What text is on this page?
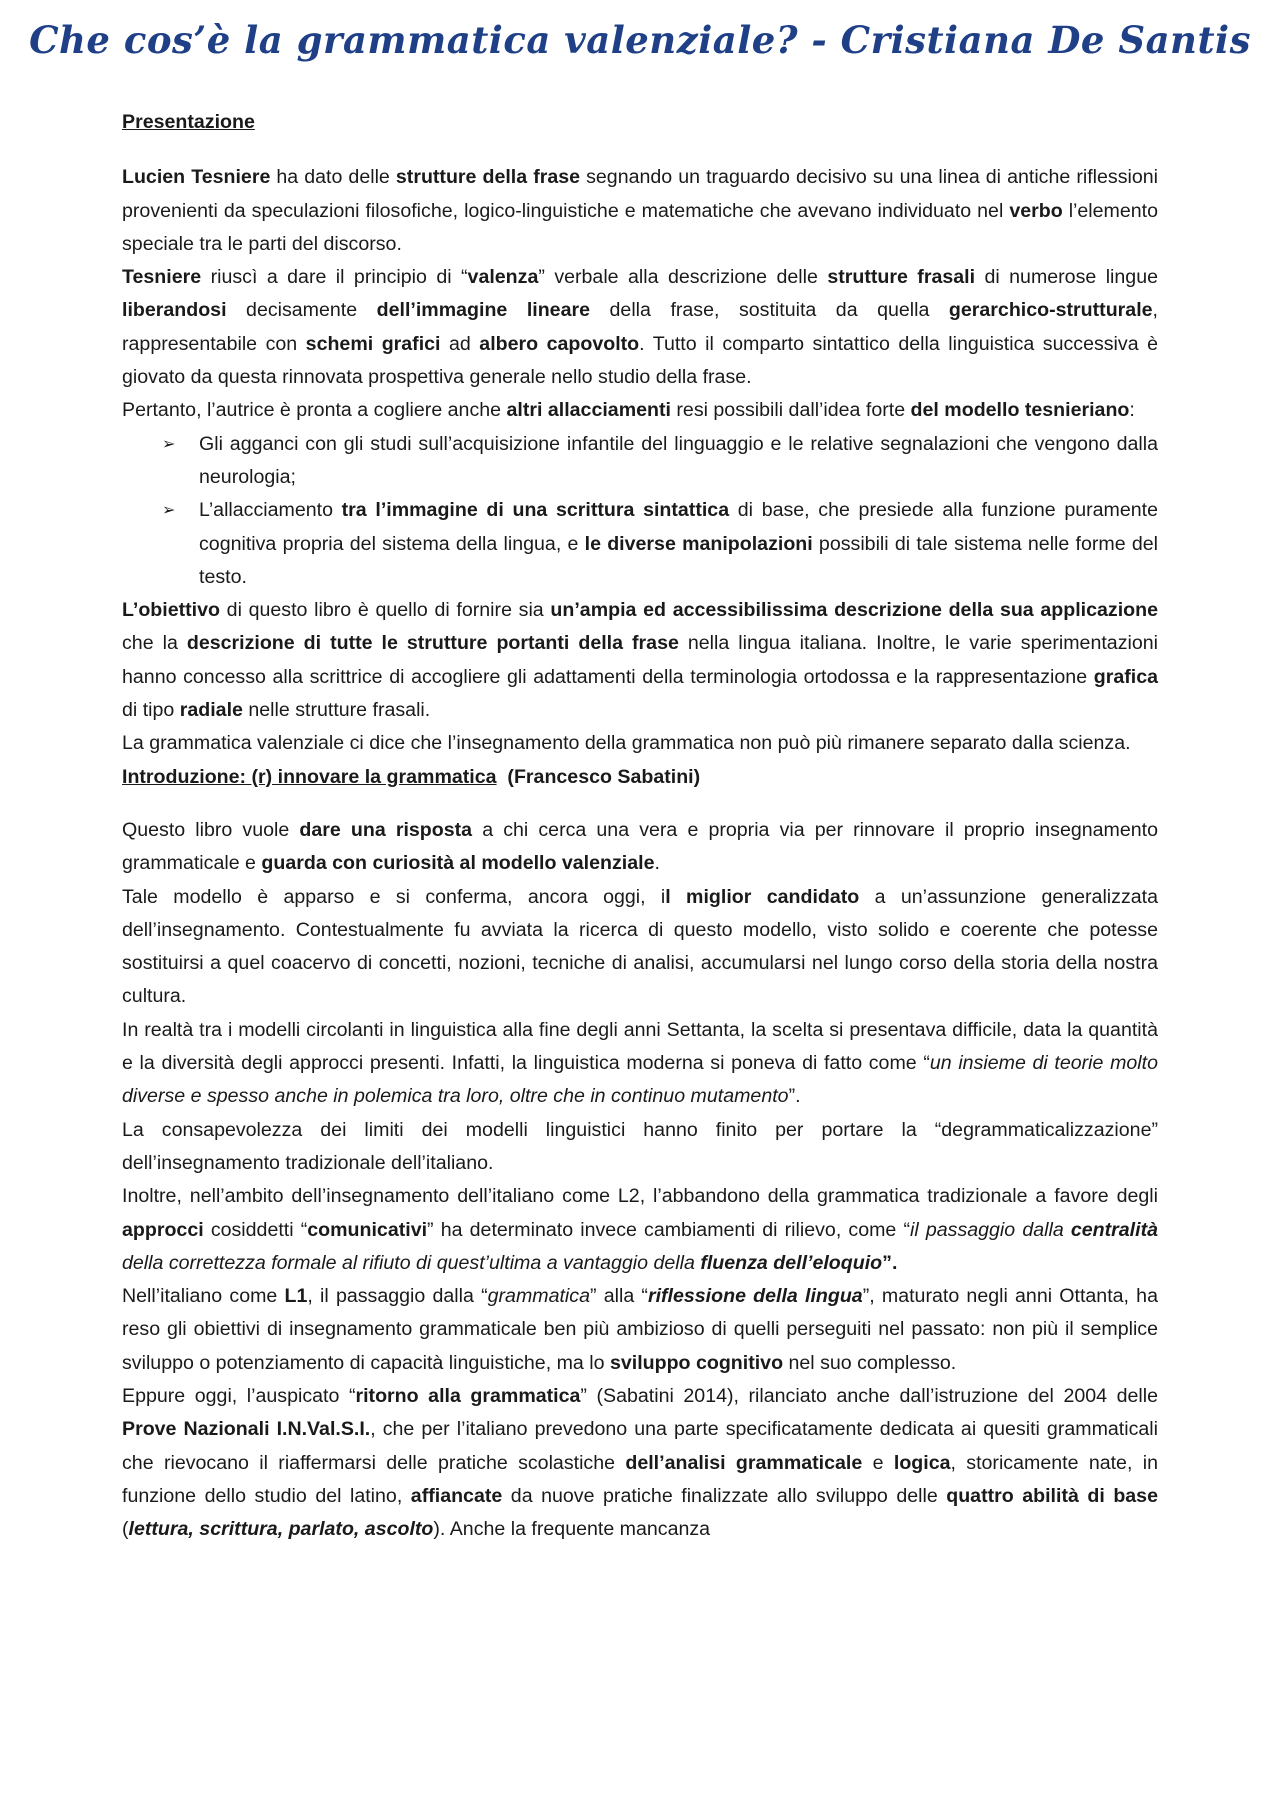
Che cos’è la grammatica valenziale? - Cristiana De Santis

Presentazione

Lucien Tesniere ha dato delle strutture della frase segnando un traguardo decisivo su una linea di antiche riflessioni provenienti da speculazioni filosofiche, logico-linguistiche e matematiche che avevano individuato nel verbo l’elemento speciale tra le parti del discorso.

Tesniere riuscì a dare il principio di “valenza” verbale alla descrizione delle strutture frasali di numerose lingue liberandosi decisamente dell’immagine lineare della frase, sostituita da quella gerarchico-strutturale, rappresentabile con schemi grafici ad albero capovolto. Tutto il comparto sintattico della linguistica successiva è giovato da questa rinnovata prospettiva generale nello studio della frase.

Pertanto, l’autrice è pronta a cogliere anche altri allacciamenti resi possibili dall’idea forte del modello tesnieriano:

➢ Gli agganci con gli studi sull’acquisizione infantile del linguaggio e le relative segnalazioni che vengono dalla neurologia;
➢ L’allacciamento tra l’immagine di una scrittura sintattica di base, che presiede alla funzione puramente cognitiva propria del sistema della lingua, e le diverse manipolazioni possibili di tale sistema nelle forme del testo.

L’obiettivo di questo libro è quello di fornire sia un’ampia ed accessibilissima descrizione della sua applicazione che la descrizione di tutte le strutture portanti della frase nella lingua italiana. Inoltre, le varie sperimentazioni hanno concesso alla scrittrice di accogliere gli adattamenti della terminologia ortodossa e la rappresentazione grafica di tipo radiale nelle strutture frasali.

La grammatica valenziale ci dice che l’insegnamento della grammatica non può più rimanere separato dalla scienza.

Introduzione: (r) innovare la grammatica (Francesco Sabatini)

Questo libro vuole dare una risposta a chi cerca una vera e propria via per rinnovare il proprio insegnamento grammaticale e guarda con curiosità al modello valenziale.

Tale modello è apparso e si conferma, ancora oggi, il miglior candidato a un’assunzione generalizzata dell’insegnamento. Contestualmente fu avviata la ricerca di questo modello, visto solido e coerente che potesse sostituirsi a quel coacervo di concetti, nozioni, tecniche di analisi, accumularsi nel lungo corso della storia della nostra cultura.

In realtà tra i modelli circolanti in linguistica alla fine degli anni Settanta, la scelta si presentava difficile, data la quantità e la diversità degli approcci presenti. Infatti, la linguistica moderna si poneva di fatto come “un insieme di teorie molto diverse e spesso anche in polemica tra loro, oltre che in continuo mutamento”.

La consapevolezza dei limiti dei modelli linguistici hanno finito per portare la “degrammaticalizzazione” dell’insegnamento tradizionale dell’italiano.

Inoltre, nell’ambito dell’insegnamento dell’italiano come L2, l’abbandono della grammatica tradizionale a favore degli approcci cosiddetti “comunicativi” ha determinato invece cambiamenti di rilievo, come “il passaggio dalla centralità della correttezza formale al rifiuto di quest’ultima a vantaggio della fluenza dell’eloquio”.

Nell’italiano come L1, il passaggio dalla “grammatica” alla “riflessione della lingua”, maturato negli anni Ottanta, ha reso gli obiettivi di insegnamento grammaticale ben più ambizioso di quelli perseguiti nel passato: non più il semplice sviluppo o potenziamento di capacità linguistiche, ma lo sviluppo cognitivo nel suo complesso.

Eppure oggi, l’auspicato “ritorno alla grammatica” (Sabatini 2014), rilanciato anche dall’istruzione del 2004 delle Prove Nazionali I.N.Val.S.I., che per l’italiano prevedono una parte specificatamente dedicata ai quesiti grammaticali che rievocano il riaffermarsi delle pratiche scolastiche dell’analisi grammaticale e logica, storicamente nate, in funzione dello studio del latino, affiancate da nuove pratiche finalizzate allo sviluppo delle quattro abilità di base (lettura, scrittura, parlato, ascolto). Anche la frequente mancanza
